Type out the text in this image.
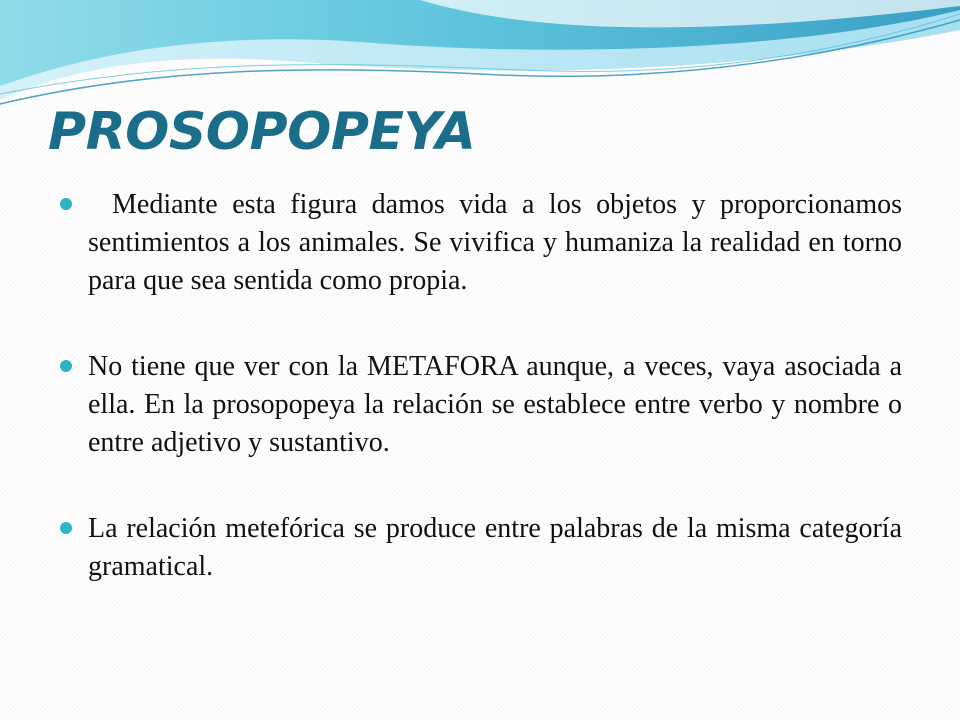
PROSOPOPEYA
Mediante esta figura damos vida a los objetos y proporcionamos sentimientos a los animales. Se vivifica y humaniza la realidad en torno para que sea sentida como propia.
No tiene que ver con la METAFORA aunque, a veces, vaya asociada a ella. En la prosopopeya la relación se establece entre verbo y nombre o entre adjetivo y sustantivo.
La relación metefórica se produce entre palabras de la misma categoría gramatical.
